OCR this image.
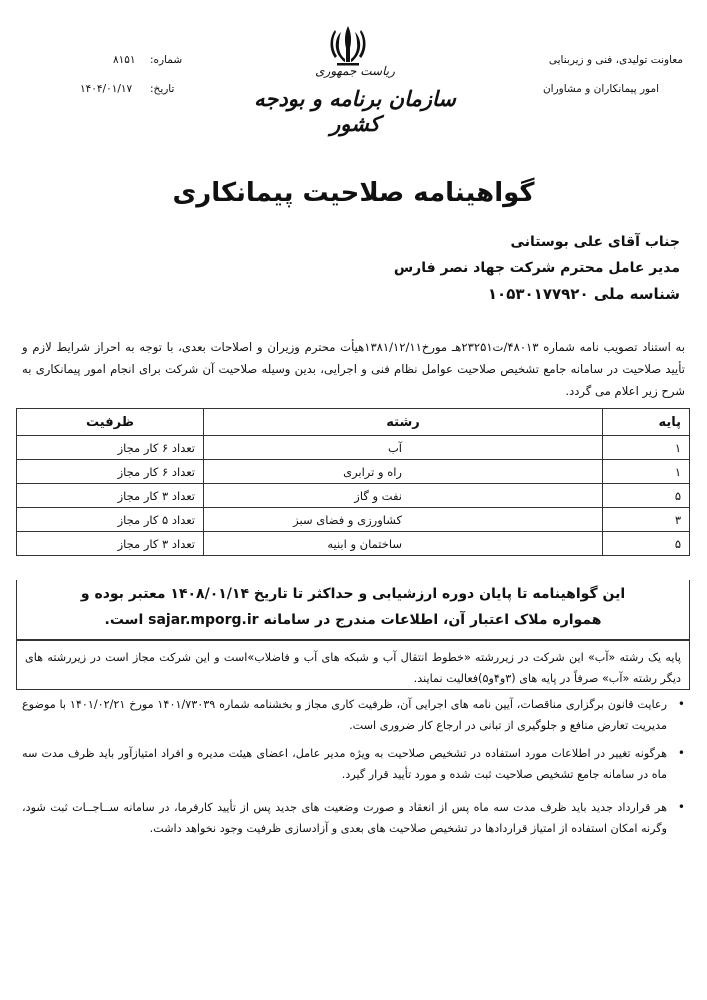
معاونت تولیدی، فنی و زیربنایی
امور پیمانکاران و مشاوران
ریاست جمهوری
سازمان برنامه و بودجه کشور
شماره:
۸۱۵۱
تاریخ:
۱۴۰۴/۰۱/۱۷
گواهینامه صلاحیت پیمانکاری
جناب آقای علی بوستانی
مدیر عامل محترم شرکت جهاد نصر فارس
شناسه ملی ۱۰۵۳۰۱۷۷۹۲۰
به استناد تصویب نامه شماره ۴۸۰۱۳/ت۲۳۲۵۱هـ مورخ۱۳۸۱/۱۲/۱۱هیأت محترم وزیران و اصلاحات بعدی، با توجه به احراز شرایط لازم و تأیید صلاحیت در سامانه جامع تشخیص صلاحیت عوامل نظام فنی و اجرایی، بدین وسیله صلاحیت آن شرکت برای انجام امور پیمانکاری به شرح زیر اعلام می گردد.
پایه	رشته	ظرفیت
۱	آب	تعداد ۶ کار مجاز
۱	راه و ترابری	تعداد ۶ کار مجاز
۵	نفت و گاز	تعداد ۳ کار مجاز
۳	کشاورزی و فضای سبز	تعداد ۵ کار مجاز
۵	ساختمان و ابنیه	تعداد ۳ کار مجاز
این گواهینامه تا پایان دوره ارزشیابی و حداکثر تا تاریخ ۱۴۰۸/۰۱/۱۴ معتبر بوده و
همواره ملاک اعتبار آن، اطلاعات مندرج در سامانه sajar.mporg.ir است.
پایه یک رشته «آب» این شرکت در زیررشته «خطوط انتقال آب و شبکه های آب و فاضلاب»است و این شرکت مجاز است در زیررشته های دیگر رشته «آب» صرفاً در پایه های (۳و۴و۵)فعالیت نمایند.
•
رعایت قانون برگزاری مناقصات، آیین نامه های اجرایی آن، ظرفیت کاری مجاز و بخشنامه شماره ۱۴۰۱/۷۳۰۳۹ مورخ ۱۴۰۱/۰۲/۲۱ با موضوع مدیریت تعارض منافع و جلوگیری از تبانی در ارجاع کار ضروری است.
•
هرگونه تغییر در اطلاعات مورد استفاده در تشخیص صلاحیت به ویژه مدیر عامل، اعضای هیئت مدیره و افراد امتیازآور باید ظرف مدت سه ماه در سامانه جامع تشخیص صلاحیت ثبت شده و مورد تأیید قرار گیرد.
•
هر قرارداد جدید باید ظرف مدت سه ماه پس از انعقاد و صورت وضعیت های جدید پس از تأیید کارفرما، در سامانه ســاجــات ثبت شود، وگرنه امکان استفاده از امتیاز قراردادها در تشخیص صلاحیت های بعدی و آزادسازی ظرفیت وجود نخواهد داشت.
